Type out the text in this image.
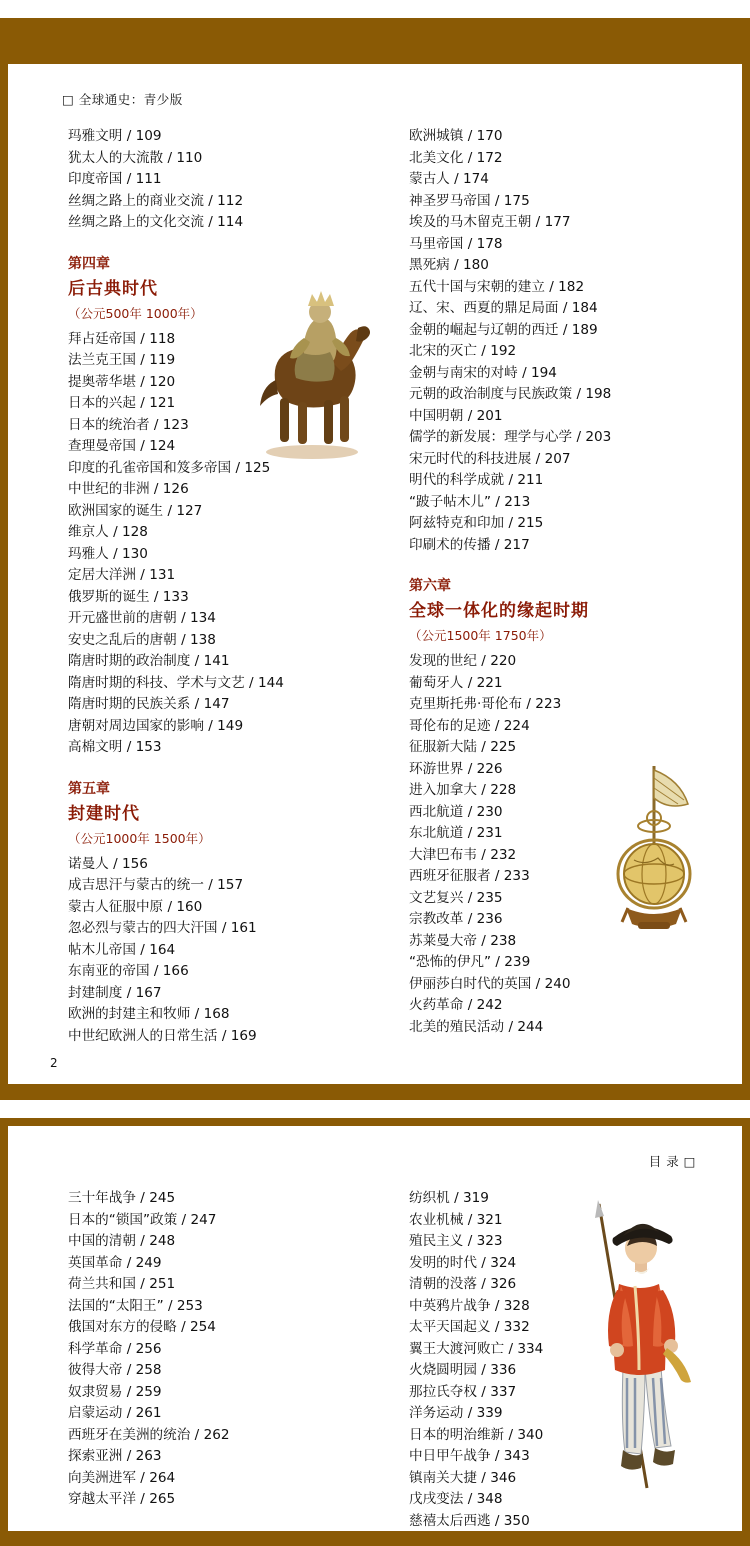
□ 全球通史：青少版
玛雅文明 / 109
犹太人的大流散 / 110
印度帝国 / 111
丝绸之路上的商业交流 / 112
丝绸之路上的文化交流 / 114
第四章
后古典时代
（公元500年 1000年）
拜占廷帝国 / 118
法兰克王国 / 119
提奥蒂华堪 / 120
日本的兴起 / 121
日本的统治者 / 123
查理曼帝国 / 124
印度的孔雀帝国和笈多帝国 / 125
中世纪的非洲 / 126
欧洲国家的诞生 / 127
维京人 / 128
玛雅人 / 130
定居大洋洲 / 131
俄罗斯的诞生 / 133
开元盛世前的唐朝 / 134
安史之乱后的唐朝 / 138
隋唐时期的政治制度 / 141
隋唐时期的科技、学术与文艺 / 144
隋唐时期的民族关系 / 147
唐朝对周边国家的影响 / 149
高棉文明 / 153
第五章
封建时代
（公元1000年 1500年）
诺曼人 / 156
成吉思汗与蒙古的统一 / 157
蒙古人征服中原 / 160
忽必烈与蒙古的四大汗国 / 161
帖木儿帝国 / 164
东南亚的帝国 / 166
封建制度 / 167
欧洲的封建主和牧师 / 168
中世纪欧洲人的日常生活 / 169
欧洲城镇 / 170
北美文化 / 172
蒙古人 / 174
神圣罗马帝国 / 175
埃及的马木留克王朝 / 177
马里帝国 / 178
黑死病 / 180
五代十国与宋朝的建立 / 182
辽、宋、西夏的鼎足局面 / 184
金朝的崛起与辽朝的西迁 / 189
北宋的灭亡 / 192
金朝与南宋的对峙 / 194
元朝的政治制度与民族政策 / 198
中国明朝 / 201
儒学的新发展：理学与心学 / 203
宋元时代的科技进展 / 207
明代的科学成就 / 211
“跛子帖木儿” / 213
阿兹特克和印加 / 215
印刷术的传播 / 217
第六章
全球一体化的缘起时期
（公元1500年 1750年）
发现的世纪 / 220
葡萄牙人 / 221
克里斯托弗·哥伦布 / 223
哥伦布的足迹 / 224
征服新大陆 / 225
环游世界 / 226
进入加拿大 / 228
西北航道 / 230
东北航道 / 231
大津巴布韦 / 232
西班牙征服者 / 233
文艺复兴 / 235
宗教改革 / 236
苏莱曼大帝 / 238
“恐怖的伊凡” / 239
伊丽莎白时代的英国 / 240
火药革命 / 242
北美的殖民活动 / 244
2
目 录 □
三十年战争 / 245
日本的“锁国”政策 / 247
中国的清朝 / 248
英国革命 / 249
荷兰共和国 / 251
法国的“太阳王” / 253
俄国对东方的侵略 / 254
科学革命 / 256
彼得大帝 / 258
奴隶贸易 / 259
启蒙运动 / 261
西班牙在美洲的统治 / 262
探索亚洲 / 263
向美洲进军 / 264
穿越太平洋 / 265
纺织机 / 319
农业机械 / 321
殖民主义 / 323
发明的时代 / 324
清朝的没落 / 326
中英鸦片战争 / 328
太平天国起义 / 332
翼王大渡河败亡 / 334
火烧圆明园 / 336
那拉氏夺权 / 337
洋务运动 / 339
日本的明治维新 / 340
中日甲午战争 / 343
镇南关大捷 / 346
戊戌变法 / 348
慈禧太后西逃 / 350
